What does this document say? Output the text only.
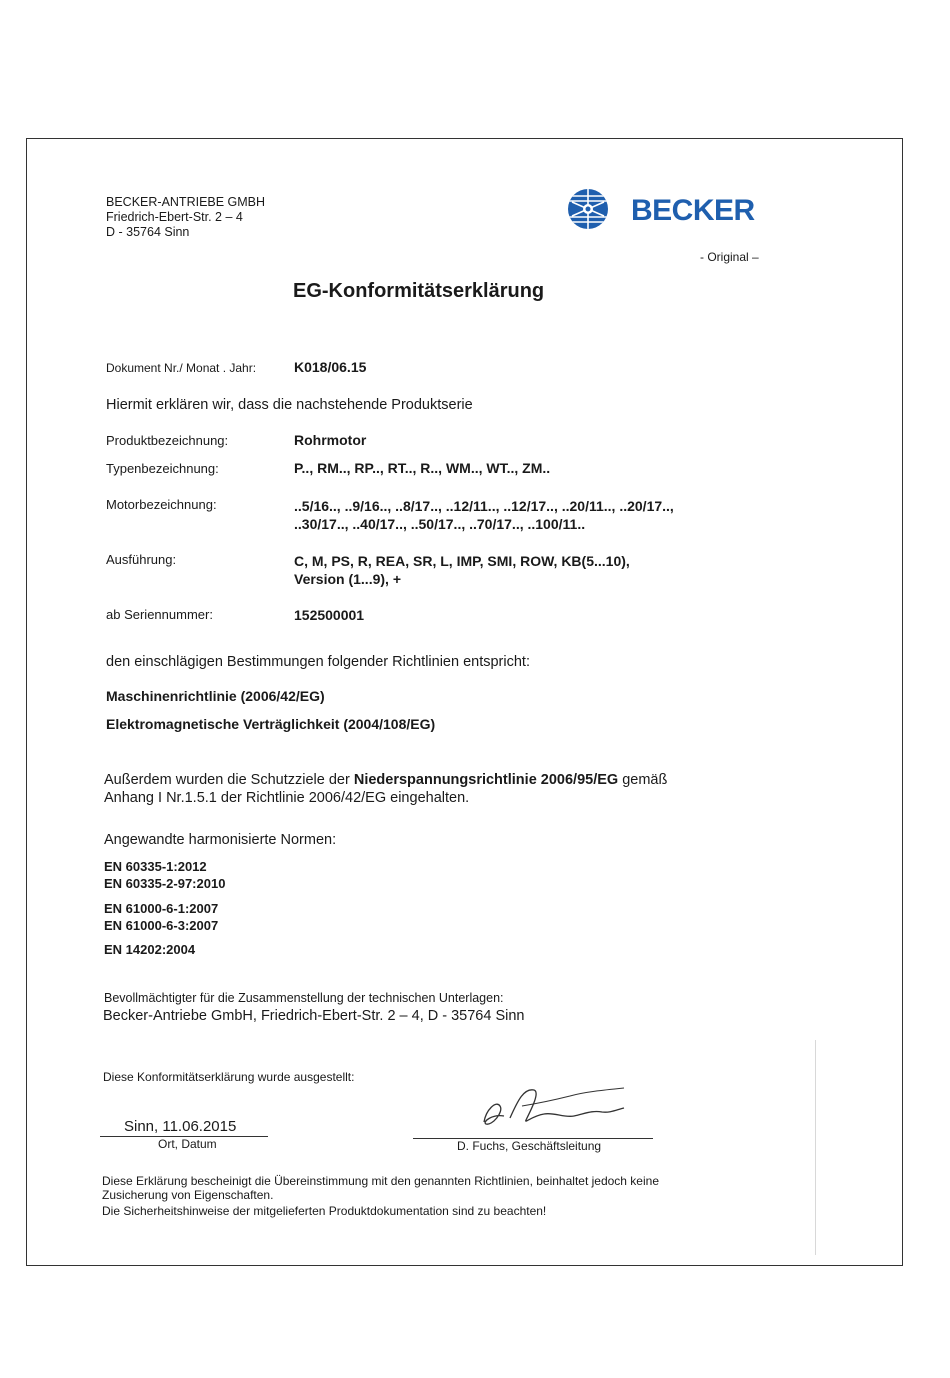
BECKER-ANTRIEBE GMBH
Friedrich-Ebert-Str. 2 – 4
D - 35764 Sinn
BECKER
- Original –
EG-Konformitätserklärung
Dokument Nr./ Monat . Jahr:	K018/06.15
Hiermit erklären wir, dass die nachstehende Produktserie
Produktbezeichnung:	Rohrmotor
Typenbezeichnung:	P.., RM.., RP.., RT.., R.., WM.., WT.., ZM..
Motorbezeichnung:	..5/16.., ..9/16.., ..8/17.., ..12/11.., ..12/17.., ..20/11.., ..20/17..,
..30/17.., ..40/17.., ..50/17.., ..70/17.., ..100/11..
Ausführung:	C, M, PS, R, REA, SR, L, IMP, SMI, ROW, KB(5...10),
Version (1...9), +
ab Seriennummer:	152500001
den einschlägigen Bestimmungen folgender Richtlinien entspricht:
Maschinenrichtlinie (2006/42/EG)
Elektromagnetische Verträglichkeit (2004/108/EG)
Außerdem wurden die Schutzziele der Niederspannungsrichtlinie 2006/95/EG gemäß
Anhang I Nr.1.5.1 der Richtlinie 2006/42/EG eingehalten.
Angewandte harmonisierte Normen:
EN 60335-1:2012
EN 60335-2-97:2010
EN 61000-6-1:2007
EN 61000-6-3:2007
EN 14202:2004
Bevollmächtigter für die Zusammenstellung der technischen Unterlagen:
Becker-Antriebe GmbH, Friedrich-Ebert-Str. 2 – 4, D - 35764 Sinn
Diese Konformitätserklärung wurde ausgestellt:
Sinn, 11.06.2015
Ort, Datum	D. Fuchs, Geschäftsleitung
Diese Erklärung bescheinigt die Übereinstimmung mit den genannten Richtlinien, beinhaltet jedoch keine
Zusicherung von Eigenschaften.
Die Sicherheitshinweise der mitgelieferten Produktdokumentation sind zu beachten!
